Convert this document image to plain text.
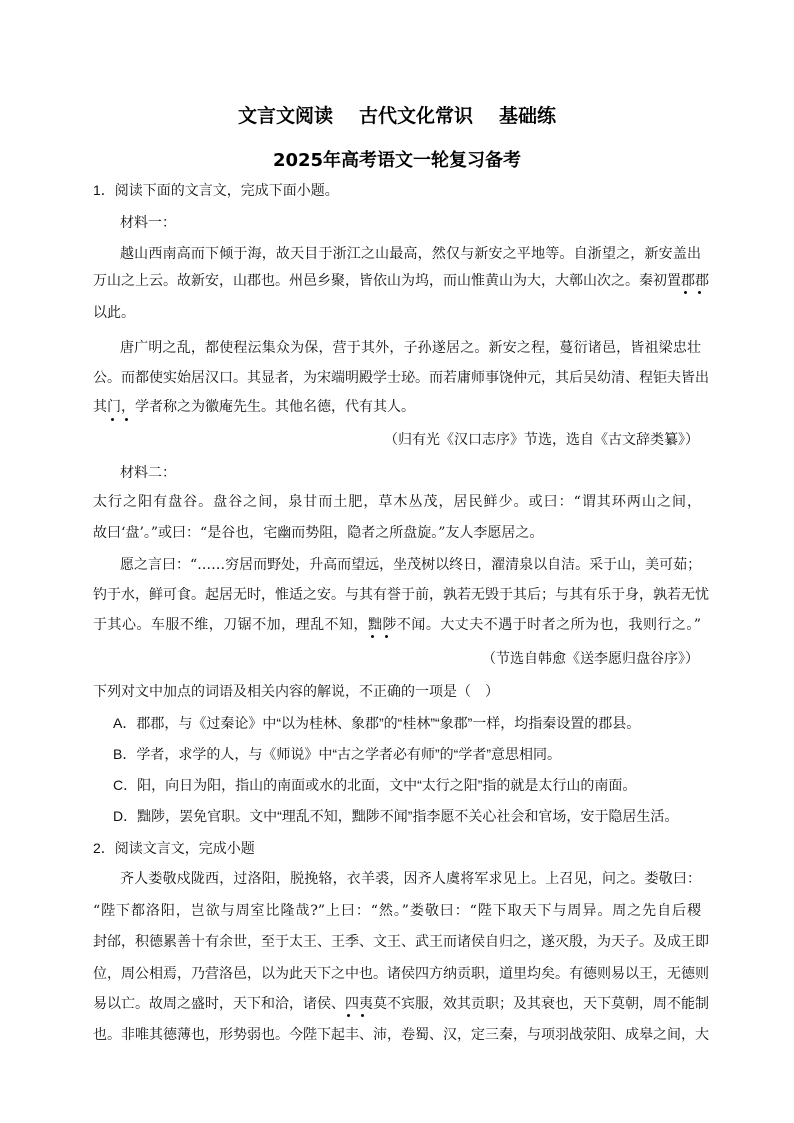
文言文阅读 古代文化常识 基础练
2025年高考语文一轮复习备考
1．阅读下面的文言文，完成下面小题。
材料一：
越山西南高而下倾于海，故天目于浙江之山最高，然仅与新安之平地等。自浙望之，新安盖出
万山之上云。故新安，山郡也。州邑乡聚，皆依山为坞，而山惟黄山为大，大鄣山次之。秦初置郡郡
以此。
唐广明之乱，都使程沄集众为保，营于其外，子孙遂居之。新安之程，蔓衍诸邑，皆祖梁忠壮
公。而都使实始居汉口。其显者，为宋端明殿学士珌。而若庸师事饶仲元，其后吴幼清、程钜夫皆出
其门，学者称之为徽庵先生。其他名德，代有其人。
（归有光《汉口志序》节选，选自《古文辞类纂》）
材料二：
太行之阳有盘谷。盘谷之间，泉甘而土肥，草木丛茂，居民鲜少。或曰：“谓其环两山之间，
故曰‘盘’。”或曰：“是谷也，宅幽而势阻，隐者之所盘旋。”友人李愿居之。
愿之言曰：“……穷居而野处，升高而望远，坐茂树以终日，濯清泉以自洁。采于山，美可茹；
钓于水，鲜可食。起居无时，惟适之安。与其有誉于前，孰若无毁于其后；与其有乐于身，孰若无忧
于其心。车服不维，刀锯不加，理乱不知，黜陟不闻。大丈夫不遇于时者之所为也，我则行之。”
（节选自韩愈《送李愿归盘谷序》）
下列对文中加点的词语及相关内容的解说，不正确的一项是（　）
A．郡郡，与《过秦论》中“以为桂林、象郡”的“桂林”“象郡”一样，均指秦设置的郡县。
B．学者，求学的人，与《师说》中“古之学者必有师”的“学者”意思相同。
C．阳，向日为阳，指山的南面或水的北面，文中“太行之阳”指的就是太行山的南面。
D．黜陟，罢免官职。文中“理乱不知，黜陟不闻”指李愿不关心社会和官场，安于隐居生活。
2．阅读文言文，完成小题
齐人娄敬戍陇西，过洛阳，脱挽辂，衣羊裘，因齐人虞将军求见上。上召见，问之。娄敬曰：
“陛下都洛阳，岂欲与周室比隆哉?”上曰：“然。”娄敬曰：“陛下取天下与周异。周之先自后稷
封邰，积德累善十有余世，至于太王、王季、文王、武王而诸侯自归之，遂灭殷，为天子。及成王即
位，周公相焉，乃营洛邑，以为此天下之中也。诸侯四方纳贡职，道里均矣。有德则易以王，无德则
易以亡。故周之盛时，天下和洽，诸侯、四夷莫不宾服，效其贡职；及其衰也，天下莫朝，周不能制
也。非唯其德薄也，形势弱也。今陛下起丰、沛，卷蜀、汉，定三秦，与项羽战荥阳、成皋之间，大
